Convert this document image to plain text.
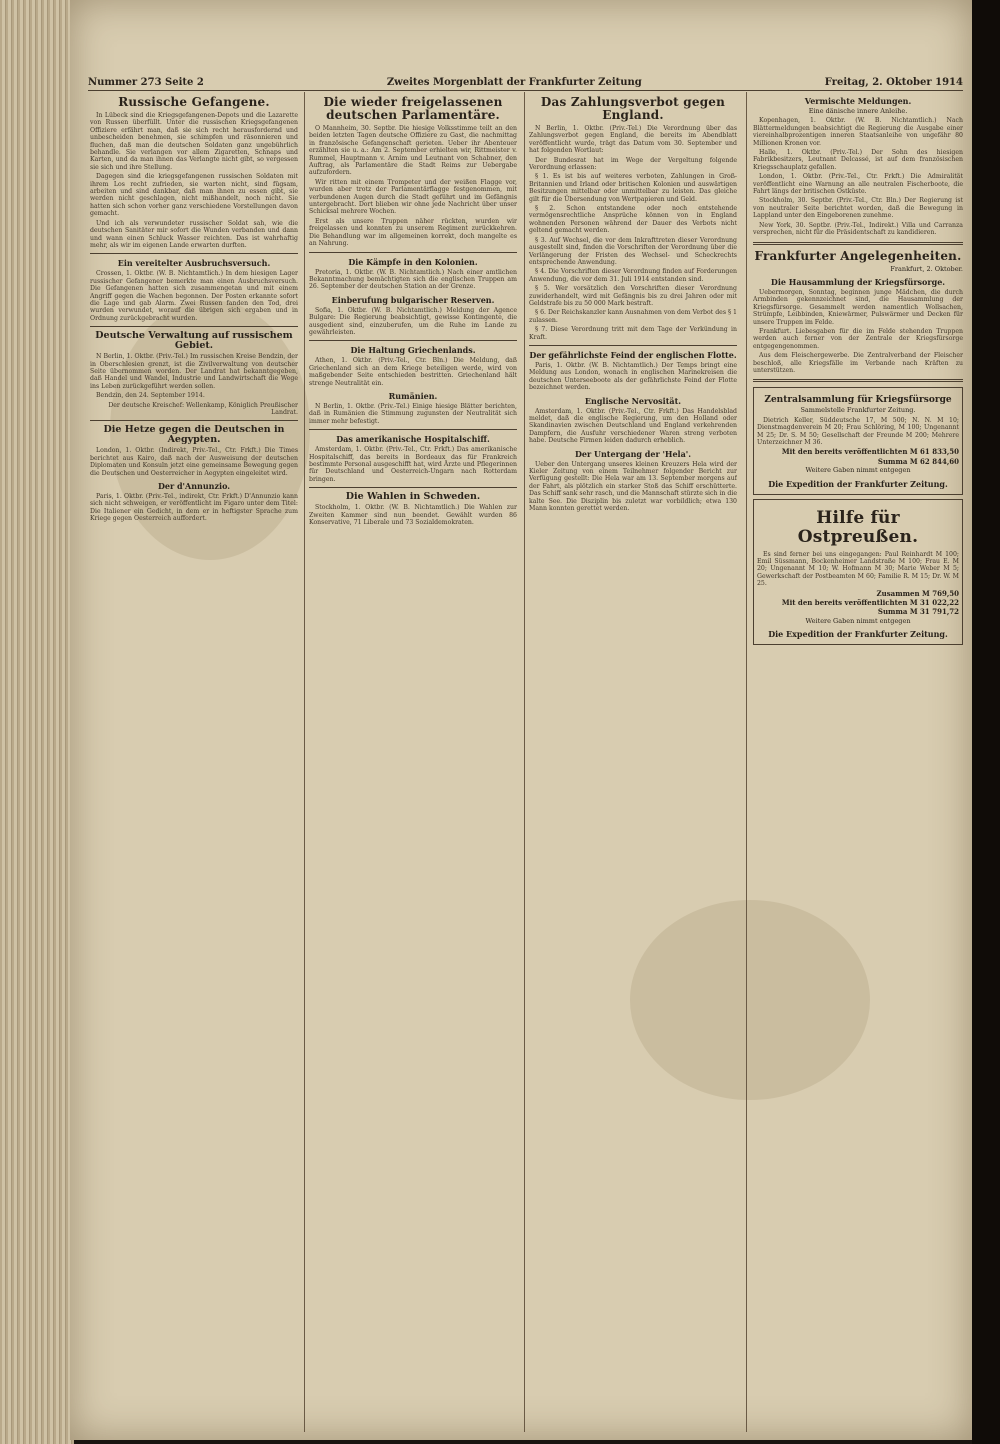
Nummer 273 Seite 2	Zweites Morgenblatt der Frankfurter Zeitung	Freitag, 2. Oktober 1914
Russische Gefangene.

In Lübeck sind die Kriegsgefangenen-Depots und die Lazarette von Russen überfüllt. Unter die russischen Kriegsgefangenen Offiziere erfährt man, daß sie sich recht herausfordernd und unbescheiden benehmen, sie schimpfen und räsonnieren und fluchen, daß man die deutschen Soldaten ganz ungebührlich behandle. Sie verlangen vor allem Zigaretten, Schnaps und Karten, und da man ihnen das Verlangte nicht gibt, so vergessen sie sich und ihre Stellung.

Dagegen sind die kriegsgefangenen russischen Soldaten mit ihrem Los recht zufrieden, sie warten nicht, sind fügsam, arbeiten und sind dankbar, daß man ihnen zu essen gibt, sie werden nicht geschlagen, nicht mißhandelt, noch nicht. Sie hatten sich schon vorher ganz verschiedene Vorstellungen davon gemacht.

Und ich als verwundeter russischer Soldat sah, wie die deutschen Sanitäter mir sofort die Wunden verbanden und dann und wann einen Schluck Wasser reichten. Das ist wahrhaftig mehr, als wir im eigenen Lande erwarten durften.

Ein vereitelter Ausbruchsversuch.

Crossen, 1. Oktbr. (W. B. Nichtamtlich.) In dem hiesigen Lager russischer Gefangener bemerkte man einen Ausbruchsversuch. Die Gefangenen hatten sich zusammengetan und mit einem Angriff gegen die Wachen begonnen. Der Posten erkannte sofort die Lage und gab Alarm. Zwei Russen fanden den Tod, drei wurden verwundet, worauf die übrigen sich ergaben und in Ordnung zurückgebracht wurden.

Deutsche Verwaltung auf russischem Gebiet.

N Berlin, 1. Oktbr. (Priv.-Tel.) Im russischen Kreise Bendzin, der in Oberschlesien grenzt, ist die Zivilverwaltung von deutscher Seite übernommen worden. Der Landrat hat bekanntgegeben, daß Handel und Wandel, Industrie und Landwirtschaft die Wege ins Leben zurückgeführt werden sollen.

Bendzin, den 24. September 1914.

Der deutsche Kreischef: Wellenkamp, Königlich Preußischer Landrat.

Die Hetze gegen die Deutschen in Aegypten.

London, 1. Oktbr. (Indirekt, Priv.-Tel., Ctr. Frkft.) Die Times berichtet aus Kairo, daß nach der Ausweisung der deutschen Diplomaten und Konsuln jetzt eine gemeinsame Bewegung gegen die Deutschen und Oesterreicher in Aegypten eingeleitet wird.

Der d'Annunzio.

Paris, 1. Oktbr. (Priv.-Tel., indirekt, Ctr. Frkft.) D'Annunzio kann sich nicht schweigen, er veröffentlicht im Figaro unter dem Titel: Die Italiener ein Gedicht, in dem er in heftigster Sprache zum Kriege gegen Oesterreich auffordert.

Die wieder freigelassenen
deutschen Parlamentäre.

O Mannheim, 30. Septbr. Die hiesige Volksstimme teilt an den beiden letzten Tagen deutsche Offiziere zu Gast, die nachmittag in französische Gefangenschaft gerieten. Ueber ihr Abenteuer erzählten sie u. a.: Am 2. September erhielten wir, Rittmeister v. Rummel, Hauptmann v. Arnim und Leutnant von Schabner, den Auftrag, als Parlamentäre die Stadt Reims zur Uebergabe aufzufordern.

Wir ritten mit einem Trompeter und der weißen Flagge vor, wurden aber trotz der Parlamentärflagge festgenommen, mit verbundenen Augen durch die Stadt geführt und im Gefängnis untergebracht. Dort blieben wir ohne jede Nachricht über unser Schicksal mehrere Wochen.

Erst als unsere Truppen näher rückten, wurden wir freigelassen und konnten zu unserem Regiment zurückkehren. Die Behandlung war im allgemeinen korrekt, doch mangelte es an Nahrung.

Die Kämpfe in den Kolonien.

Pretoria, 1. Oktbr. (W. B. Nichtamtlich.) Nach einer amtlichen Bekanntmachung bemächtigten sich die englischen Truppen am 26. September der deutschen Station an der Grenze.

Einberufung bulgarischer Reserven.

Sofia, 1. Oktbr. (W. B. Nichtamtlich.) Meldung der Agence Bulgare: Die Regierung beabsichtigt, gewisse Kontingente, die ausgedient sind, einzuberufen, um die Ruhe im Lande zu gewährleisten.

Die Haltung Griechenlands.

Athen, 1. Oktbr. (Priv.-Tel., Ctr. Bln.) Die Meldung, daß Griechenland sich an dem Kriege beteiligen werde, wird von maßgebender Seite entschieden bestritten. Griechenland hält strenge Neutralität ein.

Rumänien.

N Berlin, 1. Oktbr. (Priv.-Tel.) Einige hiesige Blätter berichten, daß in Rumänien die Stimmung zugunsten der Neutralität sich immer mehr befestigt.

Das amerikanische Hospitalschiff.

Amsterdam, 1. Oktbr. (Priv.-Tel., Ctr. Frkft.) Das amerikanische Hospitalschiff, das bereits in Bordeaux das für Frankreich bestimmte Personal ausgeschifft hat, wird Ärzte und Pflegerinnen für Deutschland und Oesterreich-Ungarn nach Rotterdam bringen.

Die Wahlen in Schweden.

Stockholm, 1. Oktbr. (W. B. Nichtamtlich.) Die Wahlen zur Zweiten Kammer sind nun beendet. Gewählt wurden 86 Konservative, 71 Liberale und 73 Sozialdemokraten.

Das Zahlungsverbot gegen England.

N Berlin, 1. Oktbr. (Priv.-Tel.) Die Verordnung über das Zahlungsverbot gegen England, die bereits im Abendblatt veröffentlicht wurde, trägt das Datum vom 30. September und hat folgenden Wortlaut:

Der Bundesrat hat im Wege der Vergeltung folgende Verordnung erlassen:

§ 1. Es ist bis auf weiteres verboten, Zahlungen in Groß-Britannien und Irland oder britischen Kolonien und auswärtigen Besitzungen mittelbar oder unmittelbar zu leisten. Das gleiche gilt für die Übersendung von Wertpapieren und Geld.

§ 2. Schon entstandene oder noch entstehende vermögensrechtliche Ansprüche können von in England wohnenden Personen während der Dauer des Verbots nicht geltend gemacht werden.

§ 3. Auf Wechsel, die vor dem Inkrafttreten dieser Verordnung ausgestellt sind, finden die Vorschriften der Verordnung über die Verlängerung der Fristen des Wechsel- und Scheckrechts entsprechende Anwendung.

§ 4. Die Vorschriften dieser Verordnung finden auf Forderungen Anwendung, die vor dem 31. Juli 1914 entstanden sind.

§ 5. Wer vorsätzlich den Vorschriften dieser Verordnung zuwiderhandelt, wird mit Gefängnis bis zu drei Jahren oder mit Geldstrafe bis zu 50 000 Mark bestraft.

§ 6. Der Reichskanzler kann Ausnahmen von dem Verbot des § 1 zulassen.

§ 7. Diese Verordnung tritt mit dem Tage der Verkündung in Kraft.

Der gefährlichste Feind der englischen Flotte.

Paris, 1. Oktbr. (W. B. Nichtamtlich.) Der Temps bringt eine Meldung aus London, wonach in englischen Marinekreisen die deutschen Unterseeboote als der gefährlichste Feind der Flotte bezeichnet werden.

Englische Nervosität.

Amsterdam, 1. Oktbr. (Priv.-Tel., Ctr. Frkft.) Das Handelsblad meldet, daß die englische Regierung, um den Holland oder Skandinavien zwischen Deutschland und England verkehrenden Dampfern, die Ausfuhr verschiedener Waren streng verboten habe. Deutsche Firmen leiden dadurch erheblich.

Der Untergang der 'Hela'.

Ueber den Untergang unseres kleinen Kreuzers Hela wird der Kieler Zeitung von einem Teilnehmer folgender Bericht zur Verfügung gestellt: Die Hela war am 13. September morgens auf der Fahrt, als plötzlich ein starker Stoß das Schiff erschütterte. Das Schiff sank sehr rasch, und die Mannschaft stürzte sich in die kalte See. Die Disziplin bis zuletzt war vorbildlich; etwa 130 Mann konnten gerettet werden.

Vermischte Meldungen.
Eine dänische innere Anleihe.

Kopenhagen, 1. Oktbr. (W. B. Nichtamtlich.) Nach Blättermeldungen beabsichtigt die Regierung die Ausgabe einer viereinhalbprozentigen inneren Staatsanleihe von ungefähr 80 Millionen Kronen vor.

Halle, 1. Oktbr. (Priv.-Tel.) Der Sohn des hiesigen Fabrikbesitzers, Leutnant Delcassé, ist auf dem französischen Kriegsschauplatz gefallen.

London, 1. Oktbr. (Priv.-Tel., Ctr. Frkft.) Die Admiralität veröffentlicht eine Warnung an alle neutralen Fischerboote, die Fahrt längs der britischen Ostküste.

Stockholm, 30. Septbr. (Priv.-Tel., Ctr. Bln.) Der Regierung ist von neutraler Seite berichtet worden, daß die Bewegung in Lappland unter den Eingeborenen zunehme.

New York, 30. Septbr. (Priv.-Tel., Indirekt.) Villa und Carranza versprechen, nicht für die Präsidentschaft zu kandidieren.

Frankfurter Angelegenheiten.
Frankfurt, 2. Oktober.
Die Hausammlung der Kriegsfürsorge.

Uebermorgen, Sonntag, beginnen junge Mädchen, die durch Armbinden gekennzeichnet sind, die Hausammlung der Kriegsfürsorge. Gesammelt werden namentlich Wollsachen, Strümpfe, Leibbinden, Kniewärmer, Pulswärmer und Decken für unsere Truppen im Felde.

Frankfurt. Liebesgaben für die im Felde stehenden Truppen werden auch ferner von der Zentrale der Kriegsfürsorge entgegengenommen.

Aus dem Fleischergewerbe. Die Zentralverband der Fleischer beschloß, alle Kriegsfälle im Verbande nach Kräften zu unterstützen.

Zentralsammlung für Kriegsfürsorge
Sammelstelle Frankfurter Zeitung.

Dietrich Keller, Süddeutsche 17, M 500; N. N. M 10; Dienstmagdenverein M 20; Frau Schlöring, M 100; Ungenannt M 25; Dr. S. M 50; Gesellschaft der Freunde M 200; Mehrere Unterzeichner M 36.

Mit den bereits veröffentlichten M 61 833,50
Summa M 62 844,60
Weitere Gaben nimmt entgegen
Die Expedition der Frankfurter Zeitung.
Hilfe für Ostpreußen.

Es sind ferner bei uns eingegangen: Paul Reinhardt M 100; Emil Süssmann, Bockenheimer Landstraße M 100; Frau E. M 20; Ungenannt M 10; W. Hofmann M 30; Marie Weber M 5; Gewerkschaft der Postbeamten M 60; Familie R. M 15; Dr. W. M 25.

Zusammen M 769,50
Mit den bereits veröffentlichten M 31 022,22
Summa M 31 791,72
Weitere Gaben nimmt entgegen
Die Expedition der Frankfurter Zeitung.
